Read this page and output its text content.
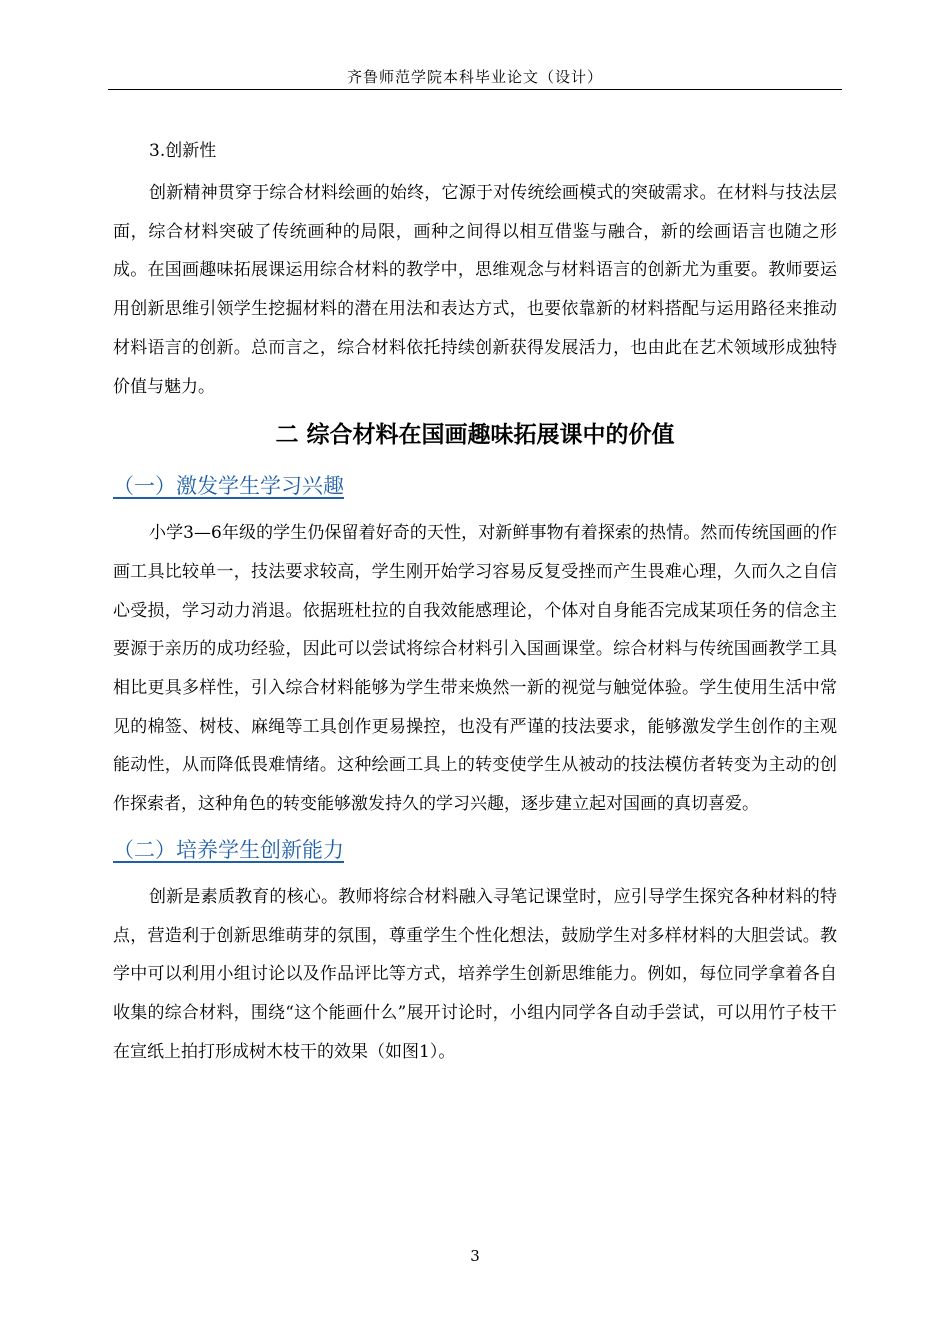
齐鲁师范学院本科毕业论文（设计）
3.创新性

创新精神贯穿于综合材料绘画的始终，它源于对传统绘画模式的突破需求。在材料与技法层面，综合材料突破了传统画种的局限，画种之间得以相互借鉴与融合，新的绘画语言也随之形成。在国画趣味拓展课运用综合材料的教学中，思维观念与材料语言的创新尤为重要。教师要运用创新思维引领学生挖掘材料的潜在用法和表达方式，也要依靠新的材料搭配与运用路径来推动材料语言的创新。总而言之，综合材料依托持续创新获得发展活力，也由此在艺术领域形成独特价值与魅力。

二 综合材料在国画趣味拓展课中的价值
（一）激发学生学习兴趣

小学3—6年级的学生仍保留着好奇的天性，对新鲜事物有着探索的热情。然而传统国画的作画工具比较单一，技法要求较高，学生刚开始学习容易反复受挫而产生畏难心理，久而久之自信心受损，学习动力消退。依据班杜拉的自我效能感理论，个体对自身能否完成某项任务的信念主要源于亲历的成功经验，因此可以尝试将综合材料引入国画课堂。综合材料与传统国画教学工具相比更具多样性，引入综合材料能够为学生带来焕然一新的视觉与触觉体验。学生使用生活中常见的棉签、树枝、麻绳等工具创作更易操控，也没有严谨的技法要求，能够激发学生创作的主观能动性，从而降低畏难情绪。这种绘画工具上的转变使学生从被动的技法模仿者转变为主动的创作探索者，这种角色的转变能够激发持久的学习兴趣，逐步建立起对国画的真切喜爱。

（二）培养学生创新能力

创新是素质教育的核心。教师将综合材料融入寻笔记课堂时，应引导学生探究各种材料的特点，营造利于创新思维萌芽的氛围，尊重学生个性化想法，鼓励学生对多样材料的大胆尝试。教学中可以利用小组讨论以及作品评比等方式，培养学生创新思维能力。例如，每位同学拿着各自收集的综合材料，围绕“这个能画什么”展开讨论时，小组内同学各自动手尝试，可以用竹子枝干在宣纸上拍打形成树木枝干的效果（如图1）。

3
